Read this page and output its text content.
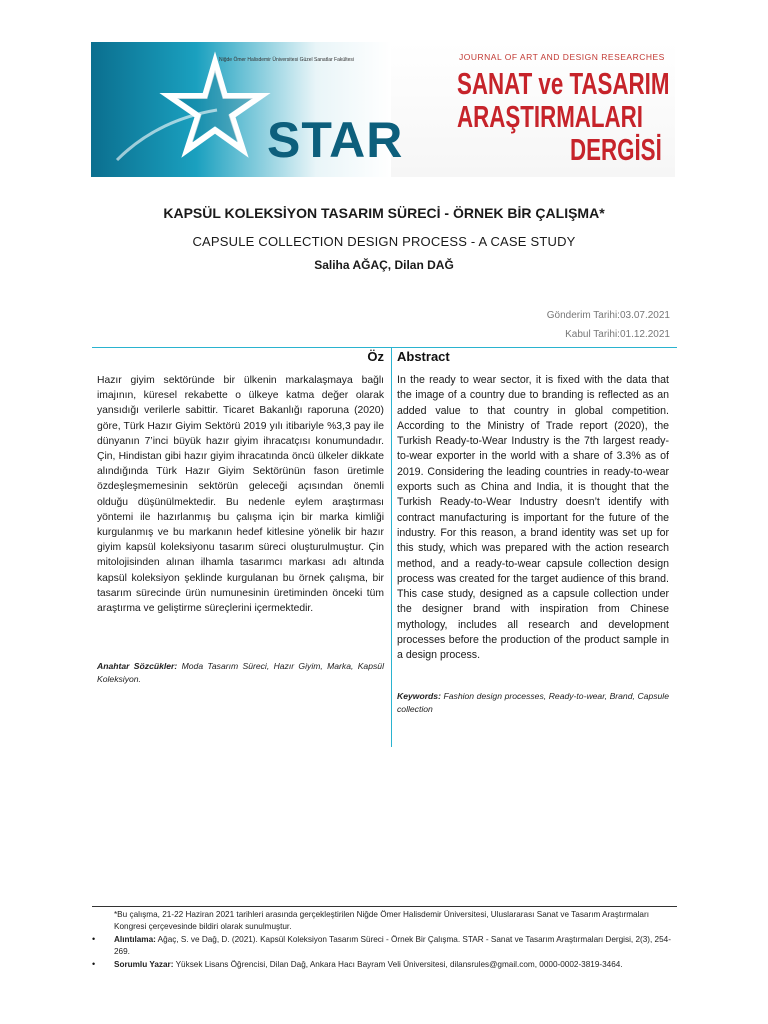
Niğde Ömer Halisdemir Üniversitesi Güzel Sanatlar Fakültesi
STAR
JOURNAL OF ART AND DESIGN RESEARCHES
SANAT ve TASARIM
ARAŞTIRMALARI
DERGİSİ
KAPSÜL KOLEKSİYON TASARIM SÜRECİ - ÖRNEK BİR ÇALIŞMA*
CAPSULE COLLECTION DESIGN PROCESS - A CASE STUDY
Saliha AĞAÇ, Dilan DAĞ
Gönderim Tarihi:03.07.2021
Kabul Tarihi:01.12.2021
Öz Abstract
Hazır giyim sektöründe bir ülkenin markalaşmaya bağlı imajının, küresel rekabette o ülkeye katma değer olarak yansıdığı verilerle sabittir. Ticaret Bakanlığı raporuna (2020) göre, Türk Hazır Giyim Sektörü 2019 yılı itibariyle %3,3 pay ile dünyanın 7’inci büyük hazır giyim ihracatçısı konumundadır. Çin, Hindistan gibi hazır giyim ihracatında öncü ülkeler dikkate alındığında Türk Hazır Giyim Sektörünün fason üretimle özdeşleşmemesinin sektörün geleceği açısından önemli olduğu düşünülmektedir. Bu nedenle eylem araştırması yöntemi ile hazırlanmış bu çalışma için bir marka kimliği kurgulanmış ve bu markanın hedef kitlesine yönelik bir hazır giyim kapsül koleksiyonu tasarım süreci oluşturulmuştur. Çin mitolojisinden alınan ilhamla tasarımcı markası adı altında kapsül koleksiyon şeklinde kurgulanan bu örnek çalışma, bir tasarım sürecinde ürün numunesinin üretiminden önceki tüm araştırma ve geliştirme süreçlerini içermektedir.
Anahtar Sözcükler: Moda Tasarım Süreci, Hazır Giyim, Marka, Kapsül Koleksiyon.
In the ready to wear sector, it is fixed with the data that the image of a country due to branding is reflected as an added value to that country in global competition. According to the Ministry of Trade report (2020), the Turkish Ready-to-Wear Industry is the 7th largest ready-to-wear exporter in the world with a share of 3.3% as of 2019. Considering the leading countries in ready-to-wear exports such as China and India, it is thought that the Turkish Ready-to-Wear Industry doesn’t identify with contract manufacturing is important for the future of the industry. For this reason, a brand identity was set up for this study, which was prepared with the action research method, and a ready-to-wear capsule collection design process was created for the target audience of this brand. This case study, designed as a capsule collection under the designer brand with inspiration from Chinese mythology, includes all research and development processes before the production of the product sample in a design process.
Keywords: Fashion design processes, Ready-to-wear, Brand, Capsule collection
*Bu çalışma, 21-22 Haziran 2021 tarihleri arasında gerçekleştirilen Niğde Ömer Halisdemir Üniversitesi, Uluslararası Sanat ve Tasarım Araştırmaları Kongresi çerçevesinde bildiri olarak sunulmuştur.
• Alıntılama: Ağaç, S. ve Dağ, D. (2021). Kapsül Koleksiyon Tasarım Süreci - Örnek Bir Çalışma. STAR - Sanat ve Tasarım Araştırmaları Dergisi, 2(3), 254-269.
• Sorumlu Yazar: Yüksek Lisans Öğrencisi, Dilan Dağ, Ankara Hacı Bayram Veli Üniversitesi, dilansrules@gmail.com, 0000-0002-3819-3464.
